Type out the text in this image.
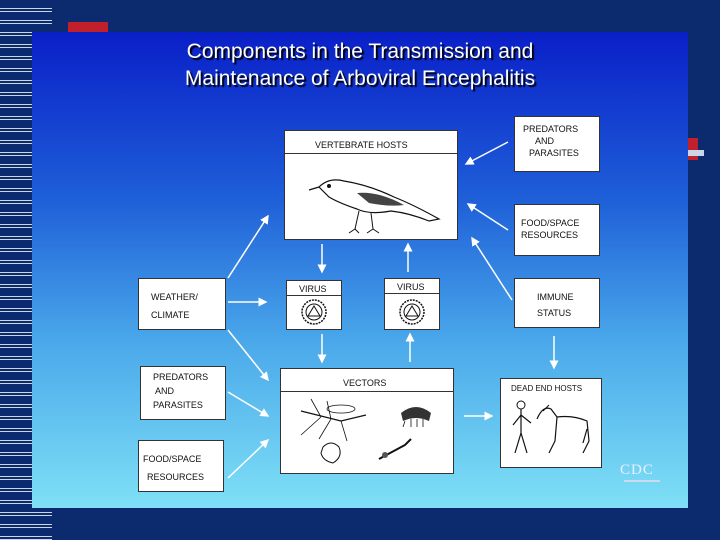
Components in the Transmission and
Maintenance of Arboviral Encephalitis
VERTEBRATE HOSTS
PREDATORS
AND
PARASITES
FOOD/SPACE
RESOURCES
WEATHER/
CLIMATE
VIRUS	VIRUS
IMMUNE
STATUS
PREDATORS
AND
PARASITES
VECTORS
DEAD END HOSTS
FOOD/SPACE
RESOURCES	CDC
